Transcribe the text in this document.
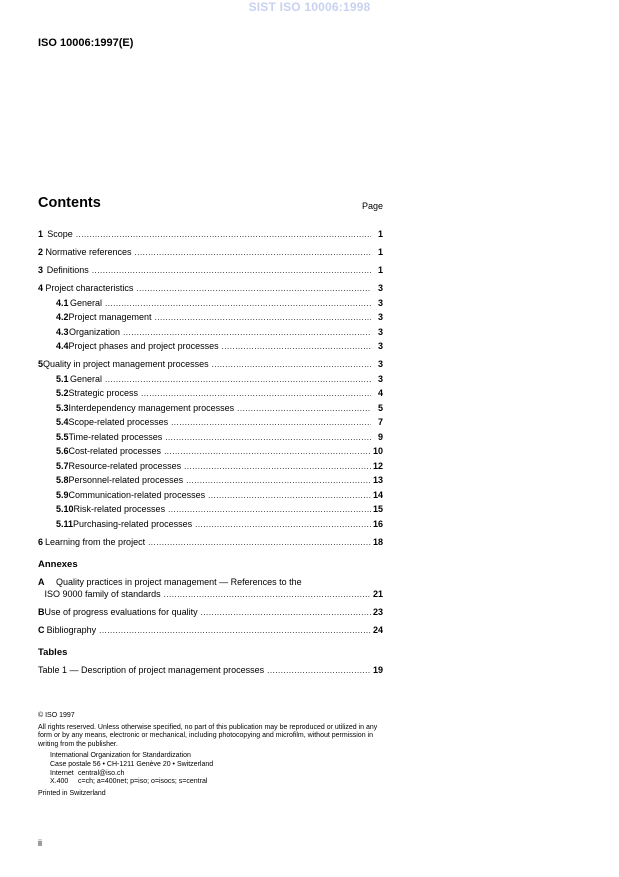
SIST ISO 10006:1998
ISO 10006:1997(E)
Contents	Page
1 Scope .....	1
2 Normative references .....	1
3 Definitions .....	1
4 Project characteristics .....	3
4.1 General .....	3
4.2 Project management .....	3
4.3 Organization .....	3
4.4 Project phases and project processes .....	3
5 Quality in project management processes .....	3
5.1 General .....	3
5.2 Strategic process .....	4
5.3 Interdependency management processes .....	5
5.4 Scope-related processes .....	7
5.5 Time-related processes .....	9
5.6 Cost-related processes .....	10
5.7 Resource-related processes .....	12
5.8 Personnel-related processes .....	13
5.9 Communication-related processes .....	14
5.10 Risk-related processes .....	15
5.11 Purchasing-related processes .....	16
6 Learning from the project .....	18
Annexes
A	Quality practices in project management — References to the
ISO 9000 family of standards .....	21
B Use of progress evaluations for quality .....	23
C Bibliography .....	24
Tables
Table 1 — Description of project management processes .....	19

© ISO 1997

All rights reserved. Unless otherwise specified, no part of this publication may be reproduced or utilized in any form or by any means, electronic or mechanical, including photocopying and microfilm, without permission in writing from the publisher.

International Organization for Standardization

Case postale 56 • CH-1211 Genève 20 • Switzerland

Internet central@iso.ch
X.400	c=ch; a=400net; p=iso; o=isocs; s=central

Printed in Switzerland

ii
